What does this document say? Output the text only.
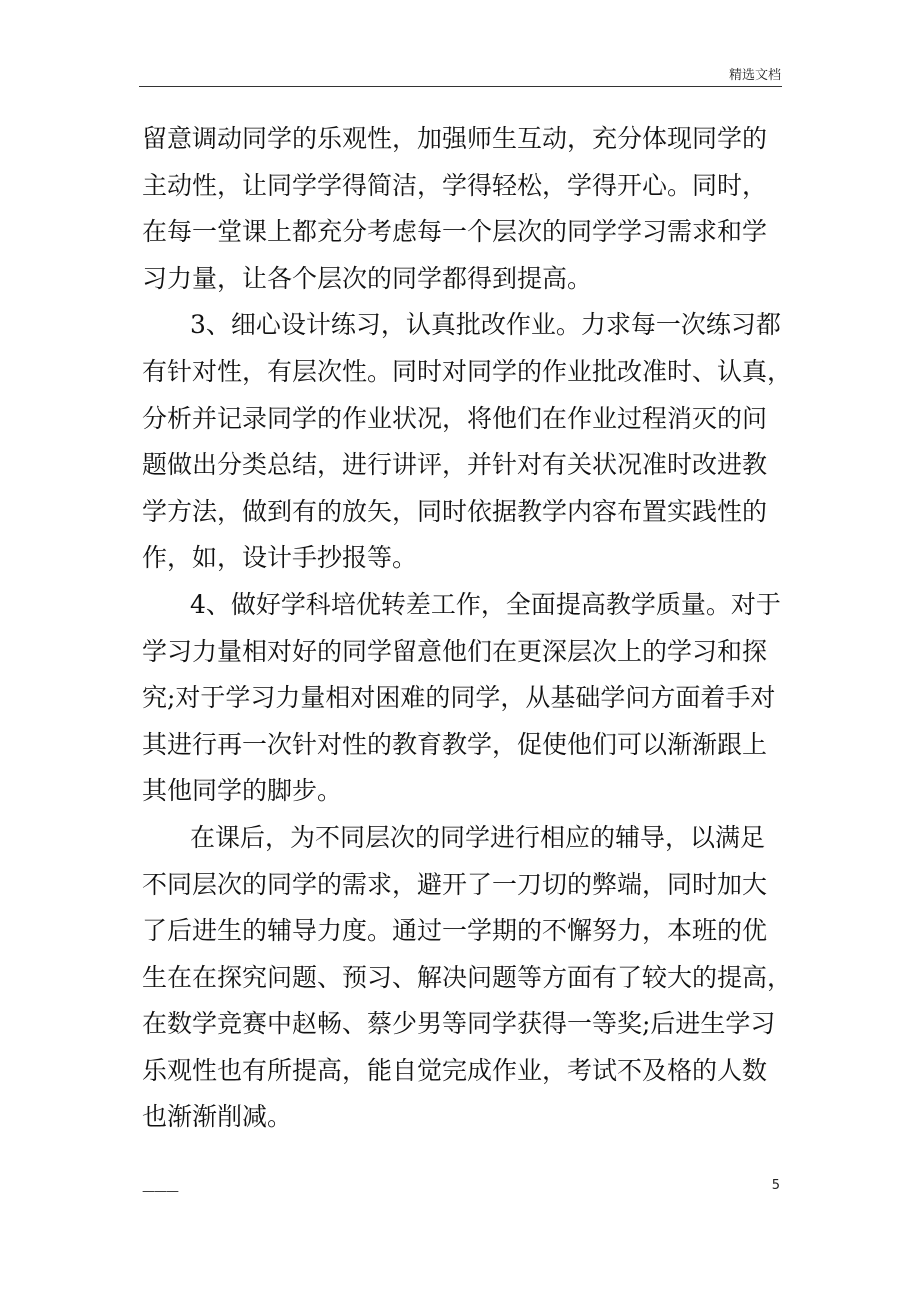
精选文档
留意调动同学的乐观性，加强师生互动，充分体现同学的
主动性，让同学学得简洁，学得轻松，学得开心。同时，
在每一堂课上都充分考虑每一个层次的同学学习需求和学
习力量，让各个层次的同学都得到提高。
3、细心设计练习，认真批改作业。力求每一次练习都
有针对性，有层次性。同时对同学的作业批改准时、认真，
分析并记录同学的作业状况，将他们在作业过程消灭的问
题做出分类总结，进行讲评，并针对有关状况准时改进教
学方法，做到有的放矢，同时依据教学内容布置实践性的
作，如，设计手抄报等。
4、做好学科培优转差工作，全面提高教学质量。对于
学习力量相对好的同学留意他们在更深层次上的学习和探
究;对于学习力量相对困难的同学，从基础学问方面着手对
其进行再一次针对性的教育教学，促使他们可以渐渐跟上
其他同学的脚步。
在课后，为不同层次的同学进行相应的辅导，以满足
不同层次的同学的需求，避开了一刀切的弊端，同时加大
了后进生的辅导力度。通过一学期的不懈努力，本班的优
生在在探究问题、预习、解决问题等方面有了较大的提高，
在数学竞赛中赵畅、蔡少男等同学获得一等奖;后进生学习
乐观性也有所提高，能自觉完成作业，考试不及格的人数
也渐渐削减。
———	5
